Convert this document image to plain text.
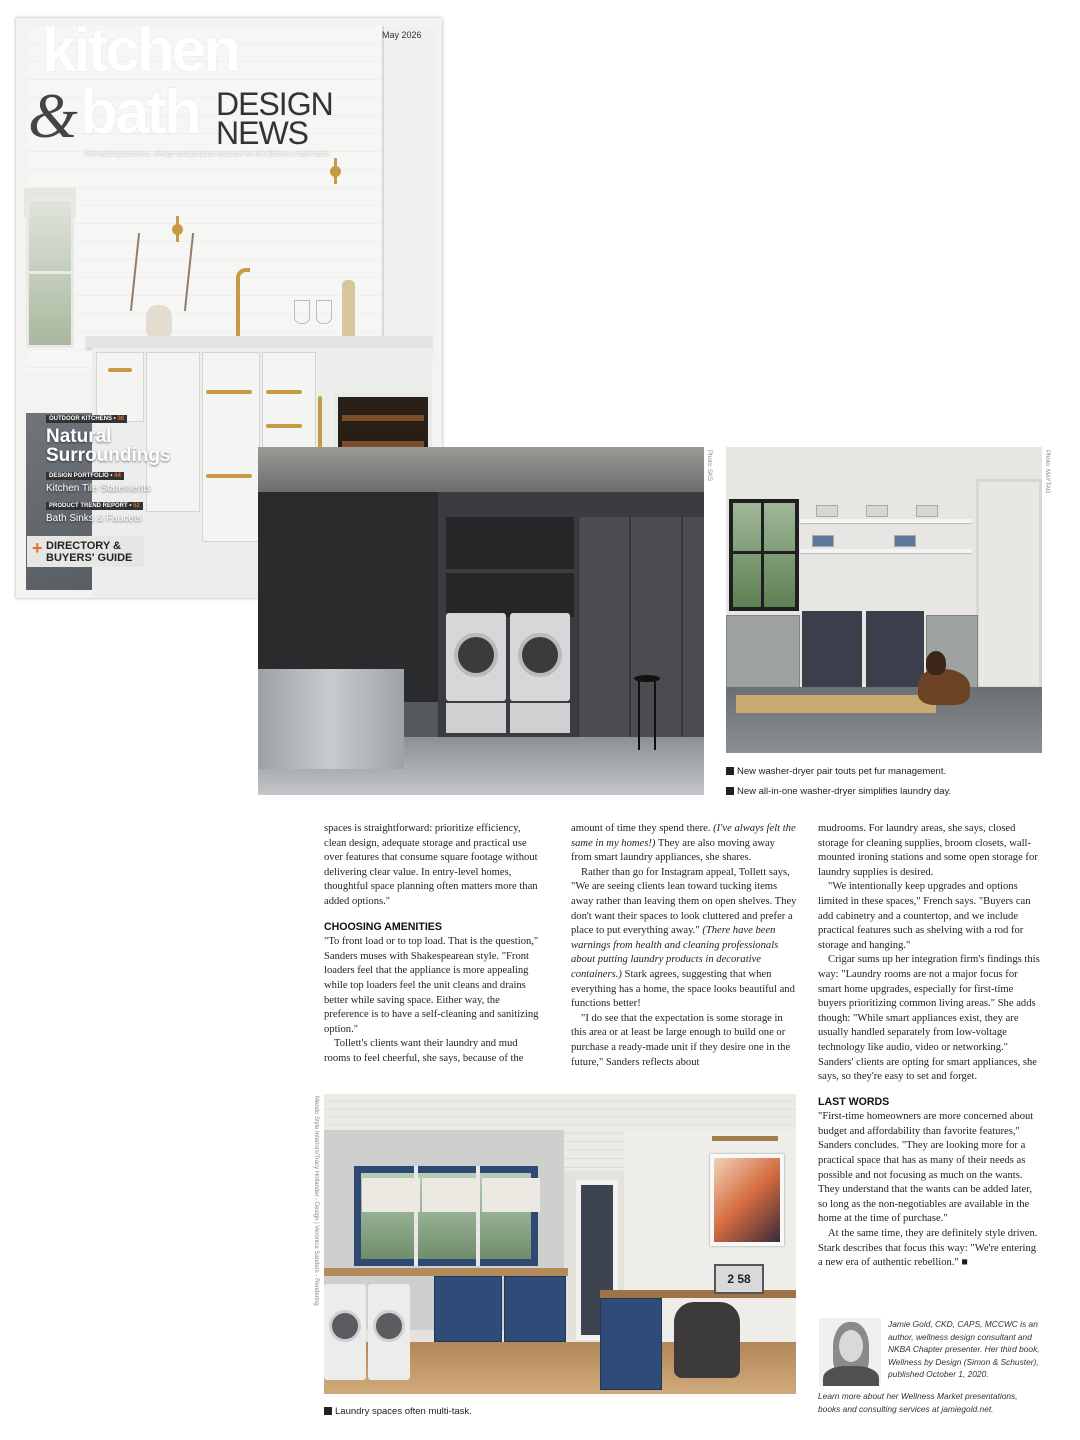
May 2026
kitchen
& bath DESIGN
NEWS
The leading business, design and product resource for the kitchen & bath trade
OUTDOOR KITCHENS • 36
Natural
Surroundings
DESIGN PORTFOLIO • 44
Kitchen Tile Statements
PRODUCT TREND REPORT • 52
Bath Sinks & Faucets
+ DIRECTORY &
BUYERS' GUIDE
Photo: SKS	Photo: MAYTAG
New washer-dryer pair touts pet fur management.
New all-in-one washer-dryer simplifies laundry day.

spaces is straightforward: prioritize efficiency, clean design, adequate storage and practical use over features that consume square footage without delivering clear value. In entry-level homes, thoughtful space planning often matters more than added options."

CHOOSING AMENITIES

"To front load or to top load. That is the question," Sanders muses with Shakespearean style. "Front loaders feel that the appliance is more appealing while top loaders feel the unit cleans and drains better while saving space. Either way, the preference is to have a self-cleaning and sanitizing option."

Tollett's clients want their laundry and mud rooms to feel cheerful, she says, because of the

amount of time they spend there. (I've always felt the same in my homes!) They are also moving away from smart laundry appliances, she shares.

Rather than go for Instagram appeal, Tollett says, "We are seeing clients lean toward tucking items away rather than leaving them on open shelves. They don't want their spaces to look cluttered and prefer a place to put everything away." (There have been warnings from health and cleaning professionals about putting laundry products in decorative containers.) Stark agrees, suggesting that when everything has a home, the space looks beautiful and functions better!

"I do see that the expectation is some storage in this area or at least be large enough to build one or purchase a ready-made unit if they desire one in the future," Sanders reflects about

mudrooms. For laundry areas, she says, closed storage for cleaning supplies, broom closets, wall-mounted ironing stations and some open storage for laundry supplies is desired.

"We intentionally keep upgrades and options limited in these spaces," French says. "Buyers can add cabinetry and a countertop, and we include practical features such as shelving with a rod for storage and hanging."

Crigar sums up her integration firm's findings this way: "Laundry rooms are not a major focus for smart home upgrades, especially for first-time buyers prioritizing common living areas." She adds though: "While smart appliances exist, they are usually handled separately from low-voltage technology like audio, video or networking." Sanders' clients are opting for smart appliances, she says, so they're easy to set and forget.

LAST WORDS

"First-time homeowners are more concerned about budget and affordability than favorite features," Sanders concludes. "They are looking more for a practical space that has as many of their needs as possible and not focusing as much on the wants. They understand that the wants can be added later, so long as the non-negotiables are available in the home at the time of purchase."

At the same time, they are definitely style driven. Stark describes that focus this way: "We're entering a new era of authentic rebellion." ■

Mendo Style Interiors/Tracy Hollander - Design | Veronica Sanders - Rendering	2 58
Laundry spaces often multi-task.
Jamie Gold, CKD, CAPS, MCCWC is an author, wellness design consultant and NKBA Chapter presenter. Her third book, Wellness by Design (Simon & Schuster), published October 1, 2020.
Learn more about her Wellness Market presentations, books and consulting services at jamiegold.net.
